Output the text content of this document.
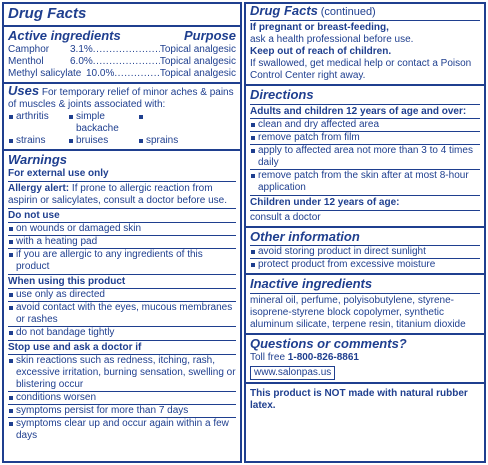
Drug Facts
Active ingredients	Purpose
Camphor	3.1% .....	Topical analgesic
Menthol	6.0% .....	Topical analgesic
Methyl salicylate 10.0% .....	Topical analgesic

Uses For temporary relief of minor aches & pains of muscles & joints associated with:

arthritis	simple backache
strains	bruises	sprains
Warnings

For external use only

Allergy alert: If prone to allergic reaction from aspirin or salicylates, consult a doctor before use.

Do not use

on wounds or damaged skin
with a heating pad
if you are allergic to any ingredients of this product

When using this product

use only as directed
avoid contact with the eyes, mucous membranes or rashes
do not bandage tightly

Stop use and ask a doctor if

skin reactions such as redness, itching, rash, excessive irritation, burning sensation, swelling or blistering occur
conditions worsen
symptoms persist for more than 7 days
symptoms clear up and occur again within a few days

Drug Facts (continued)

If pregnant or breast-feeding,

ask a health professional before use.

Keep out of reach of children.

If swallowed, get medical help or contact a Poison Control Center right away.

Directions

Adults and children 12 years of age and over:

clean and dry affected area
remove patch from film
apply to affected area not more than 3 to 4 times daily
remove patch from the skin after at most 8-hour application

Children under 12 years of age:

consult a doctor

Other information
avoid storing product in direct sunlight
protect product from excessive moisture
Inactive ingredients

mineral oil, perfume, polyisobutylene, styrene-isoprene-styrene block copolymer, synthetic aluminum silicate, terpene resin, titanium dioxide

Questions or comments?

Toll free 1-800-826-8861

www.salonpas.us

This product is NOT made with natural rubber latex.
